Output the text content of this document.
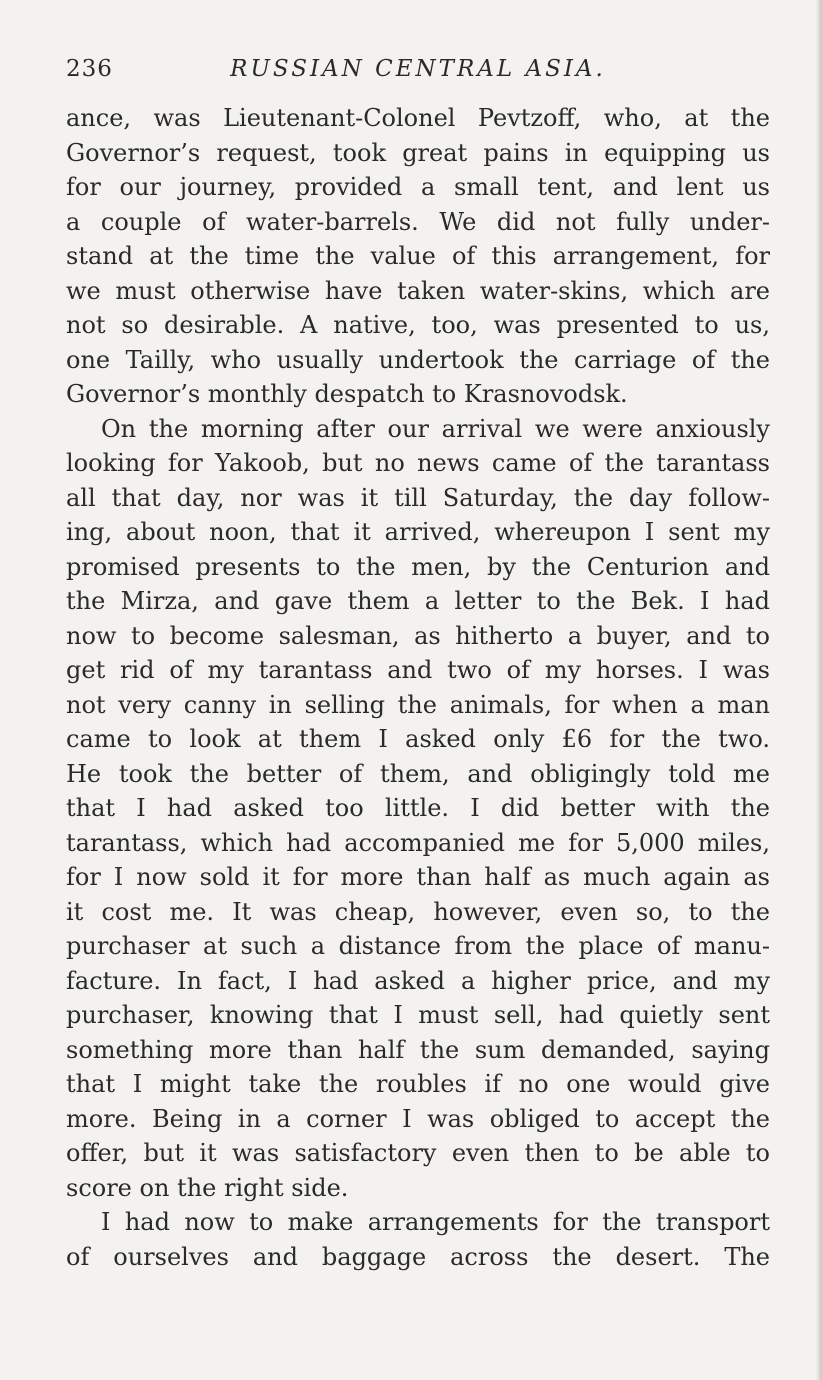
236	RUSSIAN CENTRAL ASIA.
ance, was Lieutenant-Colonel Pevtzoff, who, at the
Governor’s request, took great pains in equipping us
for our journey, provided a small tent, and lent us
a couple of water-barrels. We did not fully under-
stand at the time the value of this arrangement, for
we must otherwise have taken water-skins, which are
not so desirable. A native, too, was presented to us,
one Tailly, who usually undertook the carriage of the
Governor’s monthly despatch to Krasnovodsk.
On the morning after our arrival we were anxiously
looking for Yakoob, but no news came of the tarantass
all that day, nor was it till Saturday, the day follow-
ing, about noon, that it arrived, whereupon I sent my
promised presents to the men, by the Centurion and
the Mirza, and gave them a letter to the Bek. I had
now to become salesman, as hitherto a buyer, and to
get rid of my tarantass and two of my horses. I was
not very canny in selling the animals, for when a man
came to look at them I asked only £6 for the two.
He took the better of them, and obligingly told me
that I had asked too little. I did better with the
tarantass, which had accompanied me for 5,000 miles,
for I now sold it for more than half as much again as
it cost me. It was cheap, however, even so, to the
purchaser at such a distance from the place of manu-
facture. In fact, I had asked a higher price, and my
purchaser, knowing that I must sell, had quietly sent
something more than half the sum demanded, saying
that I might take the roubles if no one would give
more. Being in a corner I was obliged to accept the
offer, but it was satisfactory even then to be able to
score on the right side.
I had now to make arrangements for the transport
of ourselves and baggage across the desert. The
